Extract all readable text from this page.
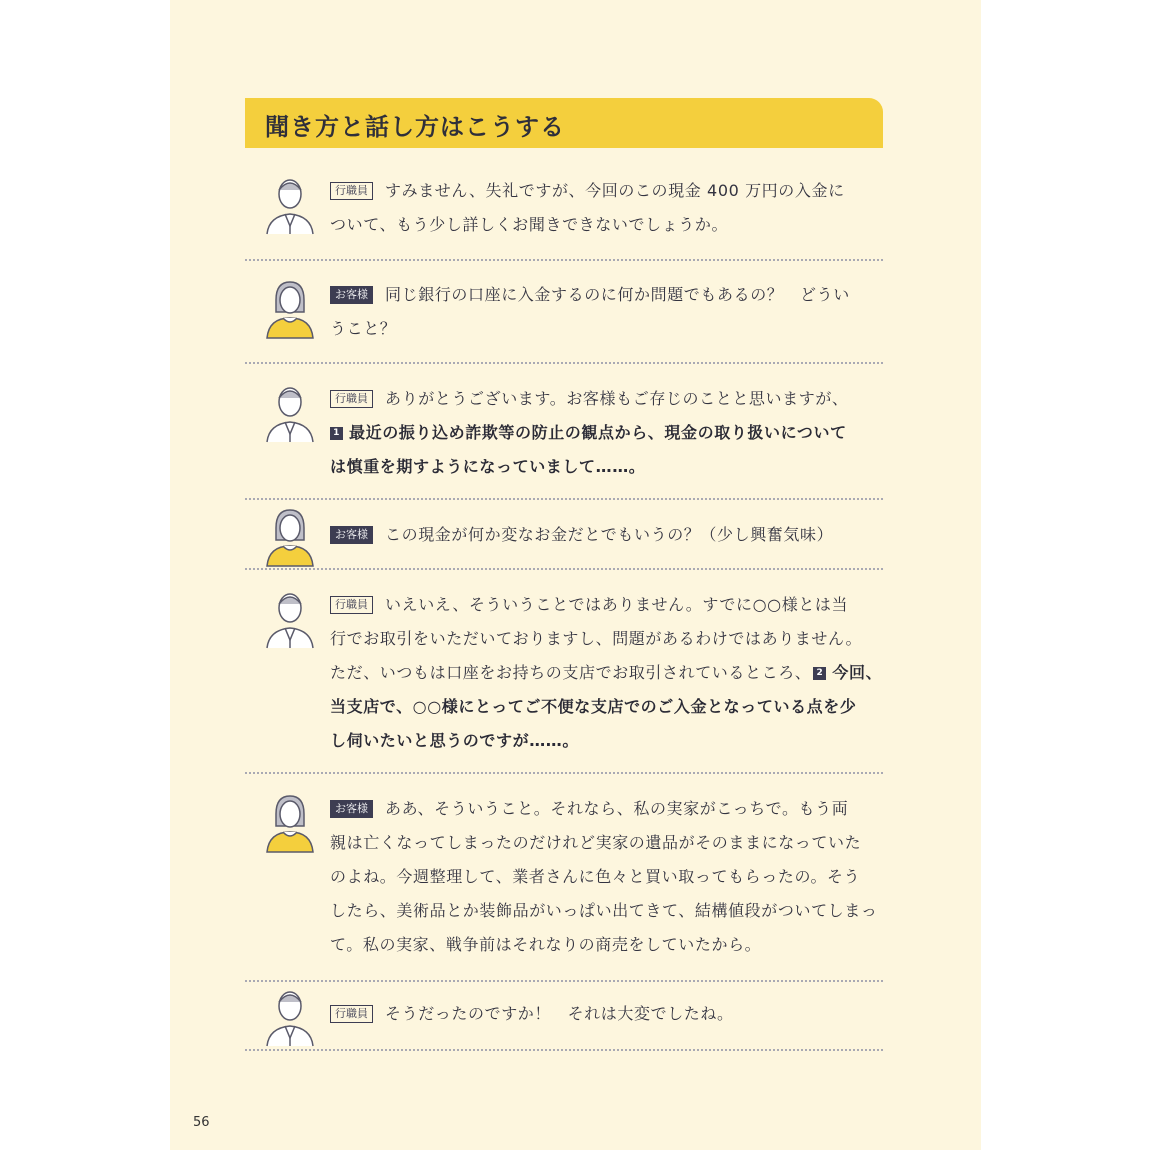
聞き方と話し方はこうする
行職員 すみません、失礼ですが、今回のこの現金 400 万円の入金に
ついて、もう少し詳しくお聞きできないでしょうか。
お客様 同じ銀行の口座に入金するのに何か問題でもあるの？　どうい
うこと？
行職員 ありがとうございます。お客様もご存じのことと思いますが、
1 最近の振り込め詐欺等の防止の観点から、現金の取り扱いについて
は慎重を期すようになっていまして……。
お客様 この現金が何か変なお金だとでもいうの？（少し興奮気味）
行職員 いえいえ、そういうことではありません。すでに○○様とは当
行でお取引をいただいておりますし、問題があるわけではありません。
ただ、いつもは口座をお持ちの支店でお取引されているところ、 2 今回、
当支店で、○○様にとってご不便な支店でのご入金となっている点を少
し伺いたいと思うのですが……。
お客様 ああ、そういうこと。それなら、私の実家がこっちで。もう両
親は亡くなってしまったのだけれど実家の遺品がそのままになっていた
のよね。今週整理して、業者さんに色々と買い取ってもらったの。そう
したら、美術品とか装飾品がいっぱい出てきて、結構値段がついてしまっ
て。私の実家、戦争前はそれなりの商売をしていたから。
行職員 そうだったのですか！　それは大変でしたね。
56
